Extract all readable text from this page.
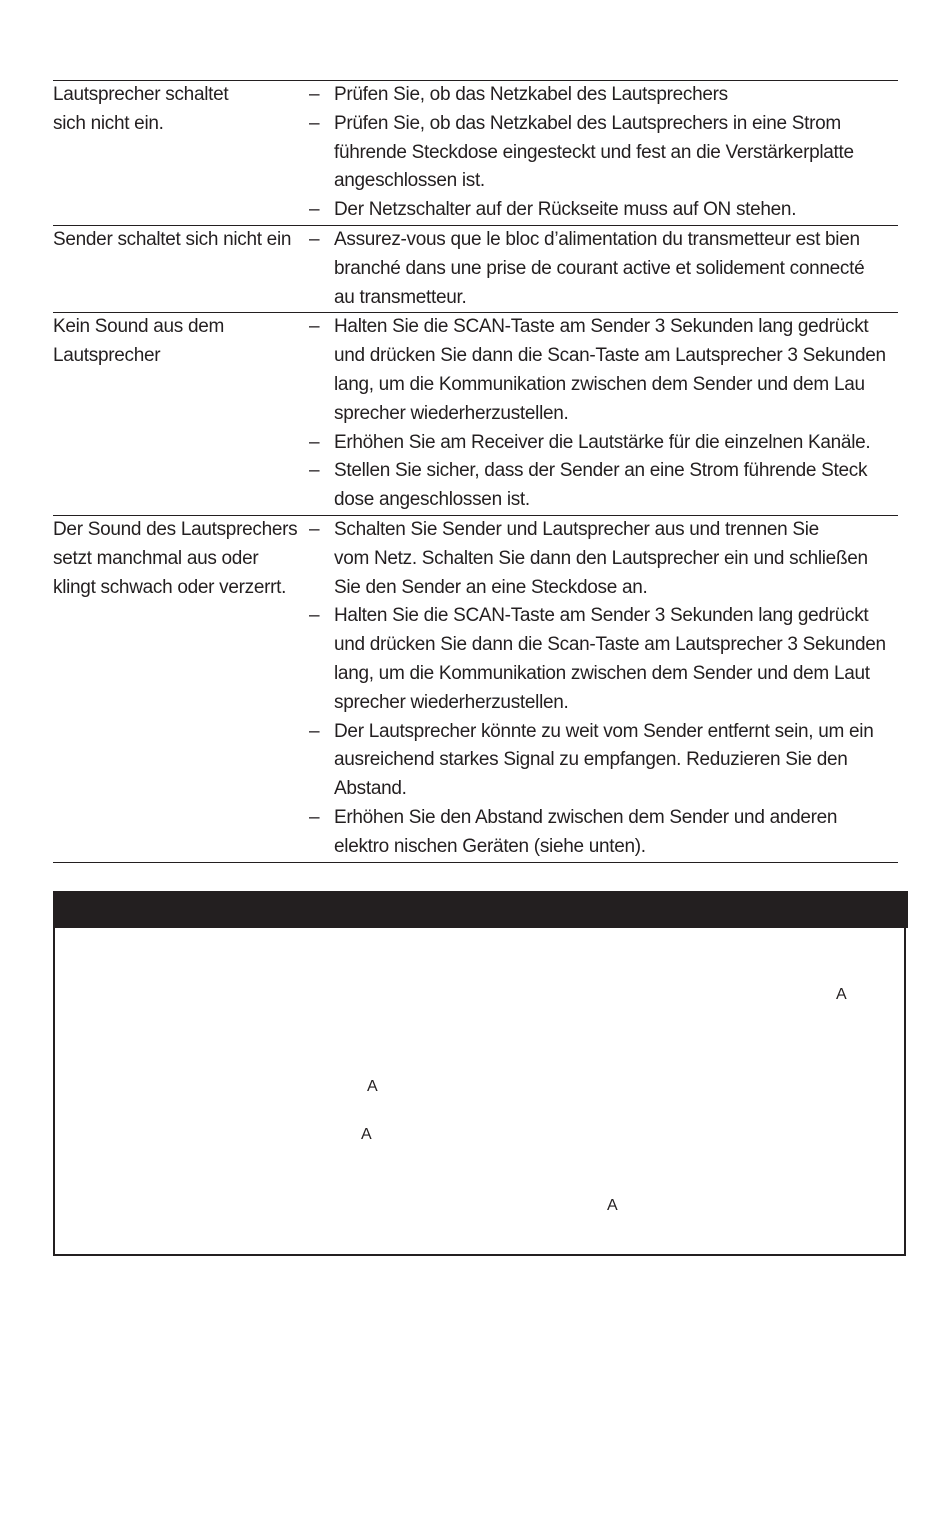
Lautsprecher schaltet
sich nicht ein.
– Prüfen Sie, ob das Netzkabel des Lautsprechers
– Prüfen Sie, ob das Netzkabel des Lautsprechers in eine Strom
führende Steckdose eingesteckt und fest an die Verstärkerplatte
angeschlossen ist.
– Der Netzschalter auf der Rückseite muss auf ON stehen.
Sender schaltet sich nicht ein – Assurez-vous que le bloc d’alimentation du transmetteur est bien
branché dans une prise de courant active et solidement connecté
au transmetteur.
Kein Sound aus dem
Lautsprecher
– Halten Sie die SCAN-Taste am Sender 3 Sekunden lang gedrückt
und drücken Sie dann die Scan-Taste am Lautsprecher 3 Sekunden
lang, um die Kommunikation zwischen dem Sender und dem Lau
sprecher wiederherzustellen.
– Erhöhen Sie am Receiver die Lautstärke für die einzelnen Kanäle.
– Stellen Sie sicher, dass der Sender an eine Strom führende Steck
dose angeschlossen ist.
Der Sound des Lautsprechers
setzt manchmal aus oder
klingt schwach oder verzerrt.
– Schalten Sie Sender und Lautsprecher aus und trennen Sie
vom Netz. Schalten Sie dann den Lautsprecher ein und schließen
Sie den Sender an eine Steckdose an.
– Halten Sie die SCAN-Taste am Sender 3 Sekunden lang gedrückt
und drücken Sie dann die Scan-Taste am Lautsprecher 3 Sekunden
lang, um die Kommunikation zwischen dem Sender und dem Laut
sprecher wiederherzustellen.
– Der Lautsprecher könnte zu weit vom Sender entfernt sein, um ein
ausreichend starkes Signal zu empfangen. Reduzieren Sie den
Abstand.
– Erhöhen Sie den Abstand zwischen dem Sender und anderen
elektro nischen Geräten (siehe unten).
A
A
A
A
